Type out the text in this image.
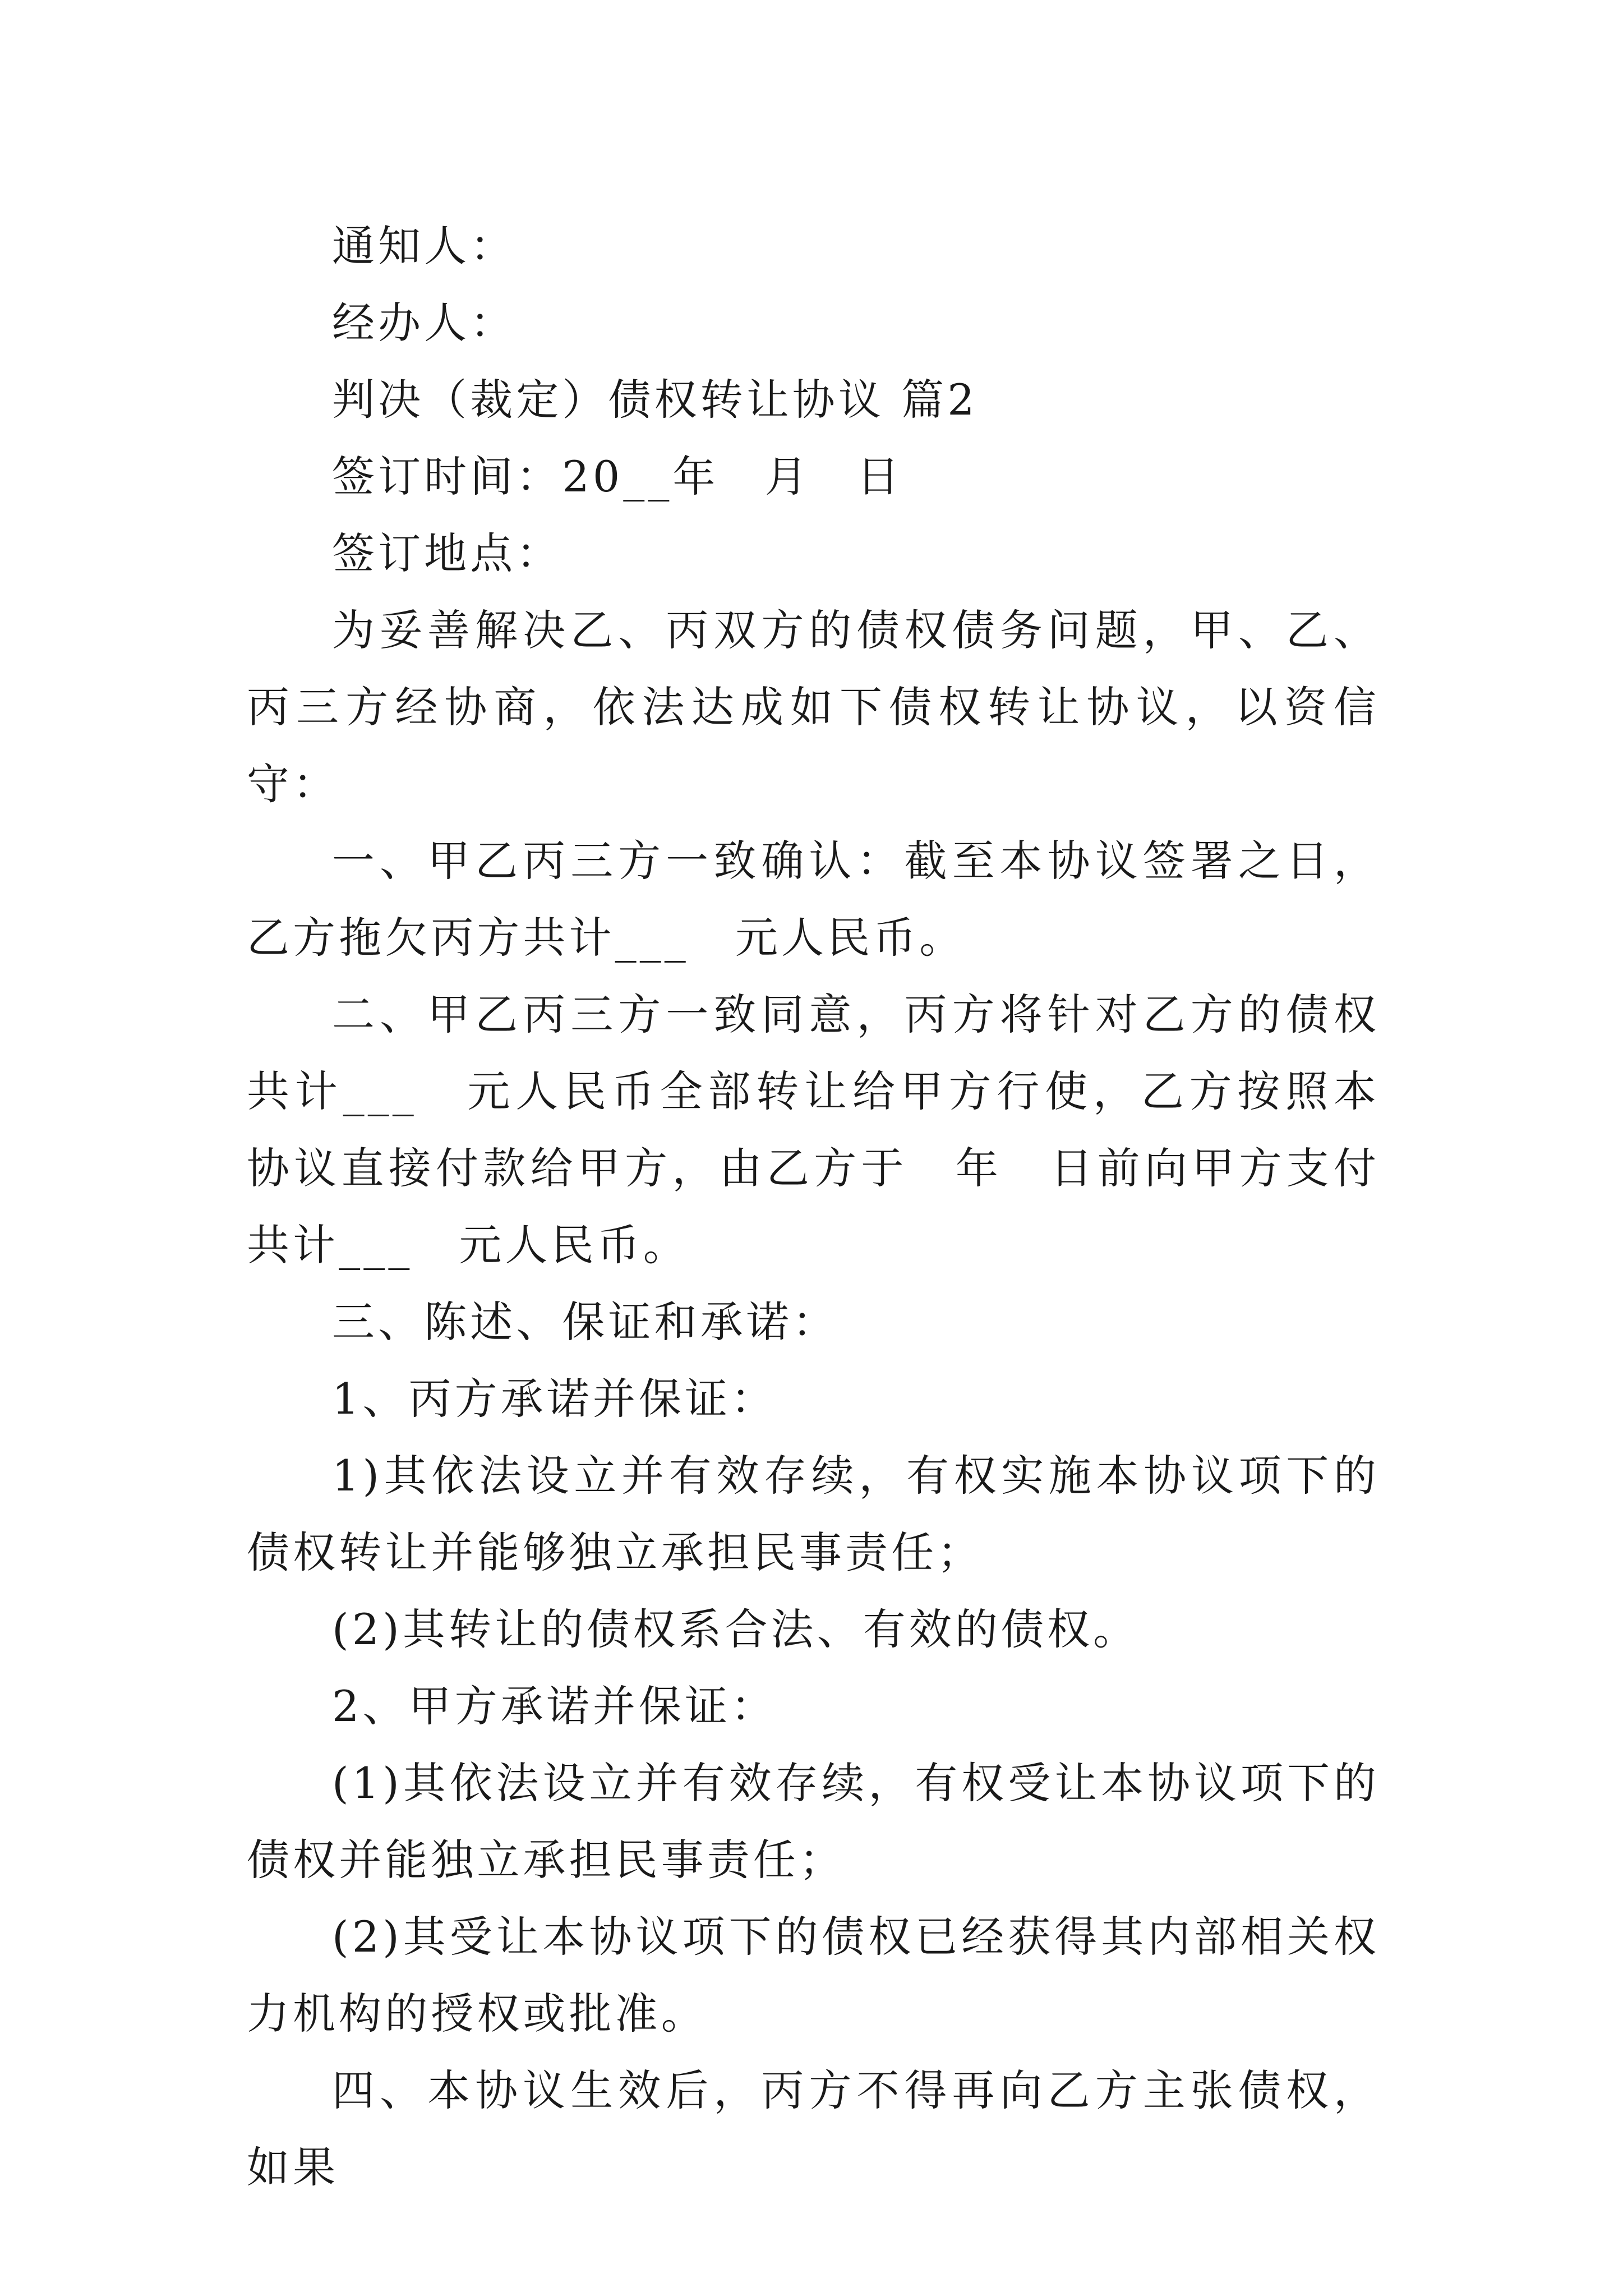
通知人：

经办人：

判决（裁定）债权转让协议 篇2

签订时间：20__年　月　日

签订地点：

为妥善解决乙、丙双方的债权债务问题，甲、乙、丙三方经协商，依法达成如下债权转让协议，以资信守：

一、甲乙丙三方一致确认：截至本协议签署之日，乙方拖欠丙方共计___　元人民币。

二、甲乙丙三方一致同意，丙方将针对乙方的债权共计___　元人民币全部转让给甲方行使，乙方按照本协议直接付款给甲方，由乙方于　年　日前向甲方支付共计___　元人民币。

三、陈述、保证和承诺：

1、丙方承诺并保证：

1)其依法设立并有效存续，有权实施本协议项下的债权转让并能够独立承担民事责任；

(2)其转让的债权系合法、有效的债权。

2、甲方承诺并保证：

(1)其依法设立并有效存续，有权受让本协议项下的债权并能独立承担民事责任；

(2)其受让本协议项下的债权已经获得其内部相关权力机构的授权或批准。

四、本协议生效后，丙方不得再向乙方主张债权，如果
